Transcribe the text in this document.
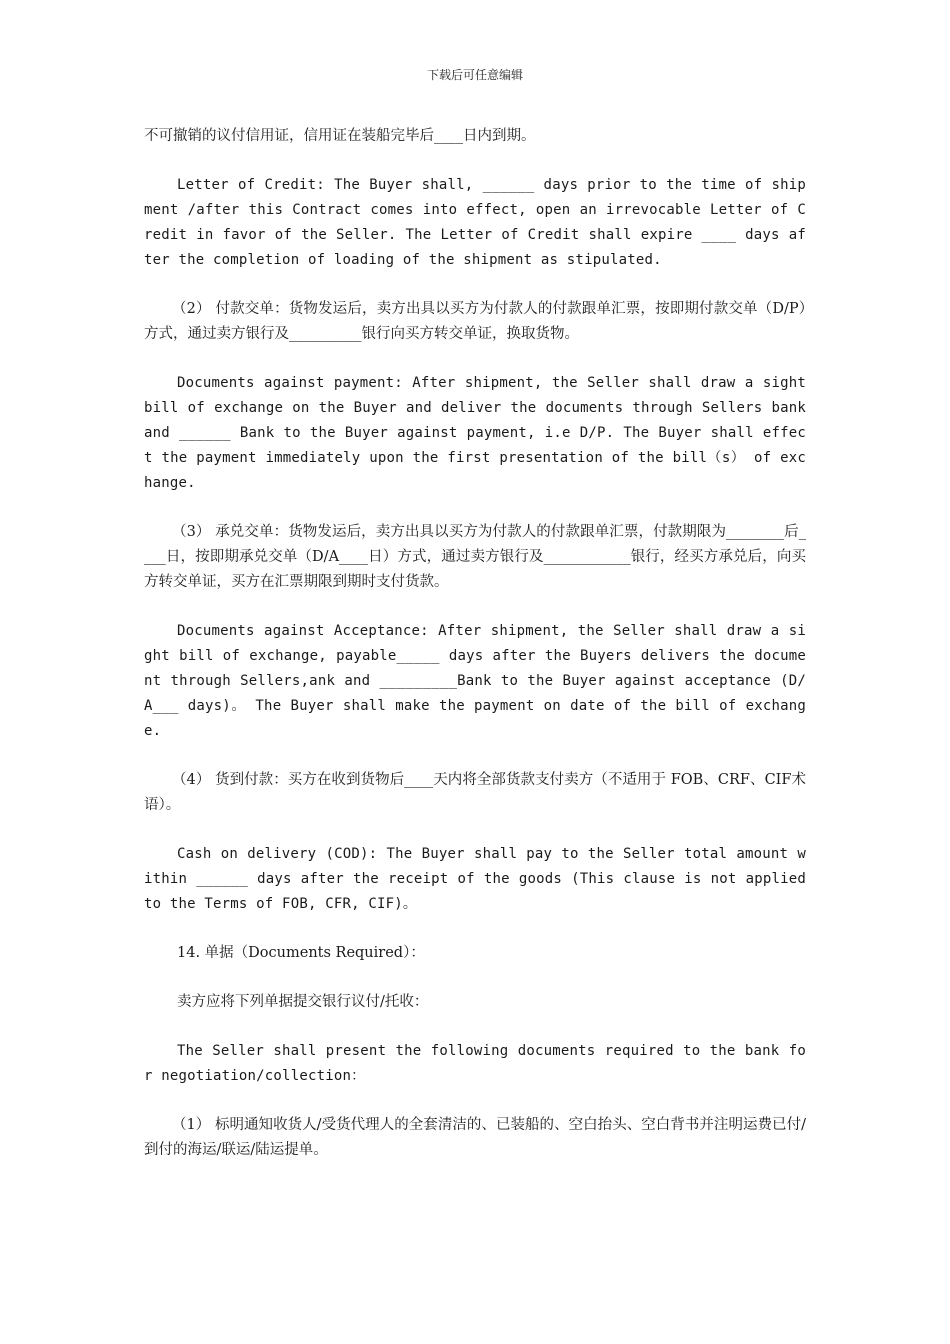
下载后可任意编辑

不可撤销的议付信用证，信用证在装船完毕后____日内到期。

Letter of Credit: The Buyer shall, ______ days prior to the time of shipment /after this Contract comes into effect, open an irrevocable Letter of Credit in favor of the Seller. The Letter of Credit shall expire ____ days after the completion of loading of the shipment as stipulated.

（2） 付款交单：货物发运后，卖方出具以买方为付款人的付款跟单汇票，按即期付款交单（D/P）方式，通过卖方银行及__________银行向买方转交单证，换取货物。

Documents against payment: After shipment, the Seller shall draw a sight bill of exchange on the Buyer and deliver the documents through Sellers bank and ______ Bank to the Buyer against payment, i.e D/P. The Buyer shall effect the payment immediately upon the first presentation of the bill（s） of exchange.

（3） 承兑交单：货物发运后，卖方出具以买方为付款人的付款跟单汇票，付款期限为________后____日，按即期承兑交单（D/A____日）方式，通过卖方银行及____________银行，经买方承兑后，向买方转交单证，买方在汇票期限到期时支付货款。

Documents against Acceptance: After shipment, the Seller shall draw a sight bill of exchange, payable_____ days after the Buyers delivers the document through Sellers,ank and _________Bank to the Buyer against acceptance (D/A___ days)。 The Buyer shall make the payment on date of the bill of exchange.

（4） 货到付款：买方在收到货物后____天内将全部货款支付卖方（不适用于 FOB、CRF、CIF术语）。

Cash on delivery (COD): The Buyer shall pay to the Seller total amount within ______ days after the receipt of the goods (This clause is not applied to the Terms of FOB, CFR, CIF)。

14. 单据（Documents Required）：

卖方应将下列单据提交银行议付/托收：

The Seller shall present the following documents required to the bank for negotiation/collection：

（1） 标明通知收货人/受货代理人的全套清洁的、已装船的、空白抬头、空白背书并注明运费已付/到付的海运/联运/陆运提单。
